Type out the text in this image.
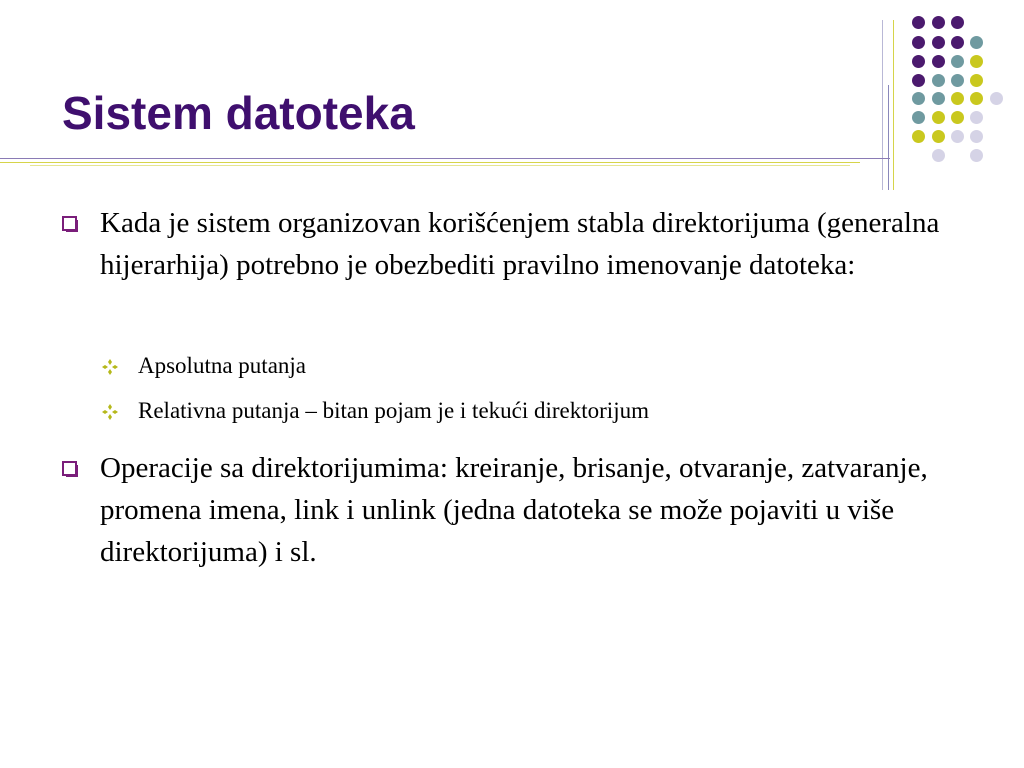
Sistem datoteka
Kada je sistem organizovan korišćenjem stabla direktorijuma (generalna hijerarhija) potrebno je obezbediti pravilno imenovanje datoteka:
Apsolutna putanja
Relativna putanja – bitan pojam je i tekući direktorijum
Operacije sa direktorijumima: kreiranje, brisanje, otvaranje, zatvaranje, promena imena, link i unlink (jedna datoteka se može pojaviti u više direktorijuma) i sl.
